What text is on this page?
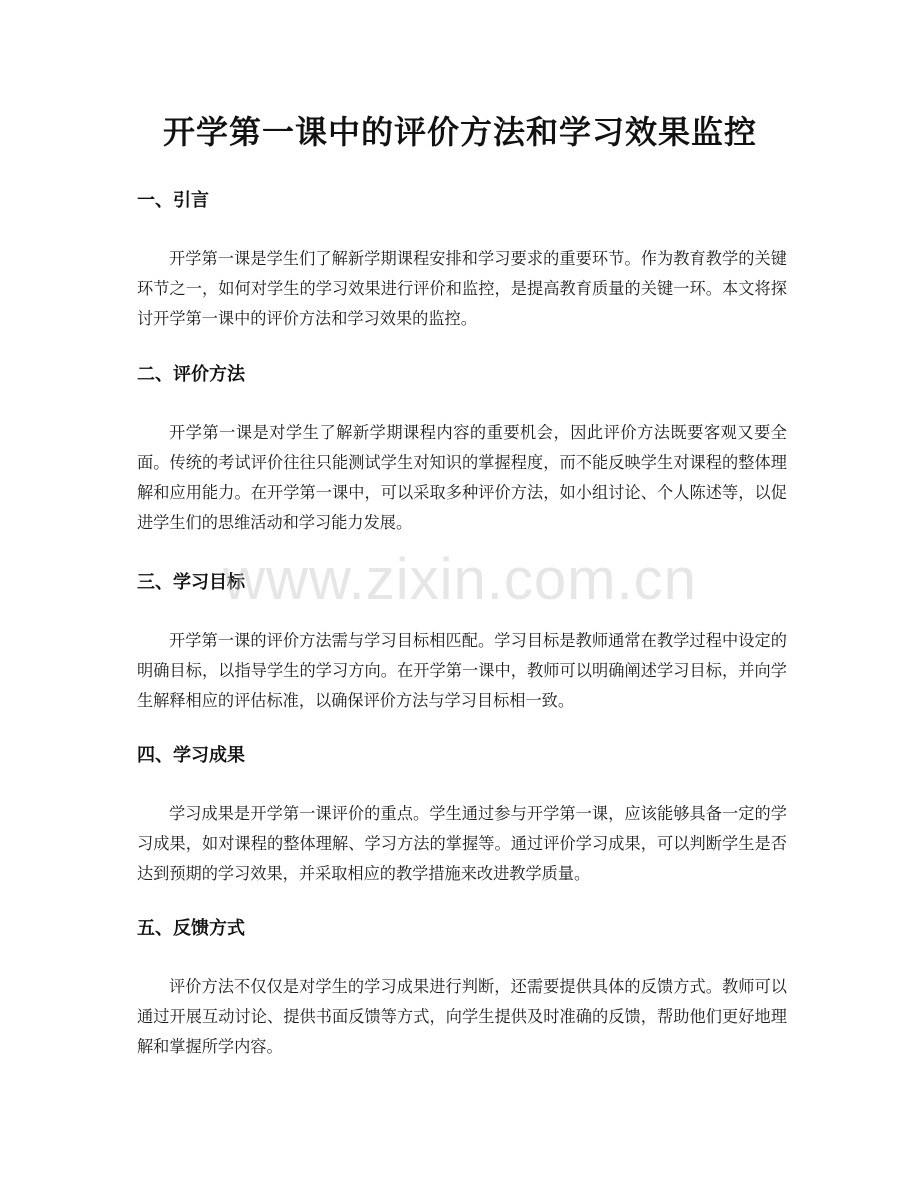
开学第一课中的评价方法和学习效果监控

一、引言

开学第一课是学生们了解新学期课程安排和学习要求的重要环节。作为教育教学的关键环节之一，如何对学生的学习效果进行评价和监控，是提高教育质量的关键一环。本文将探讨开学第一课中的评价方法和学习效果的监控。

二、评价方法

开学第一课是对学生了解新学期课程内容的重要机会，因此评价方法既要客观又要全面。传统的考试评价往往只能测试学生对知识的掌握程度，而不能反映学生对课程的整体理解和应用能力。在开学第一课中，可以采取多种评价方法，如小组讨论、个人陈述等，以促进学生们的思维活动和学习能力发展。

三、学习目标

开学第一课的评价方法需与学习目标相匹配。学习目标是教师通常在教学过程中设定的明确目标，以指导学生的学习方向。在开学第一课中，教师可以明确阐述学习目标，并向学生解释相应的评估标准，以确保评价方法与学习目标相一致。

四、学习成果

学习成果是开学第一课评价的重点。学生通过参与开学第一课，应该能够具备一定的学习成果，如对课程的整体理解、学习方法的掌握等。通过评价学习成果，可以判断学生是否达到预期的学习效果，并采取相应的教学措施来改进教学质量。

五、反馈方式

评价方法不仅仅是对学生的学习成果进行判断，还需要提供具体的反馈方式。教师可以通过开展互动讨论、提供书面反馈等方式，向学生提供及时准确的反馈，帮助他们更好地理解和掌握所学内容。

www.zixin.com.cn
